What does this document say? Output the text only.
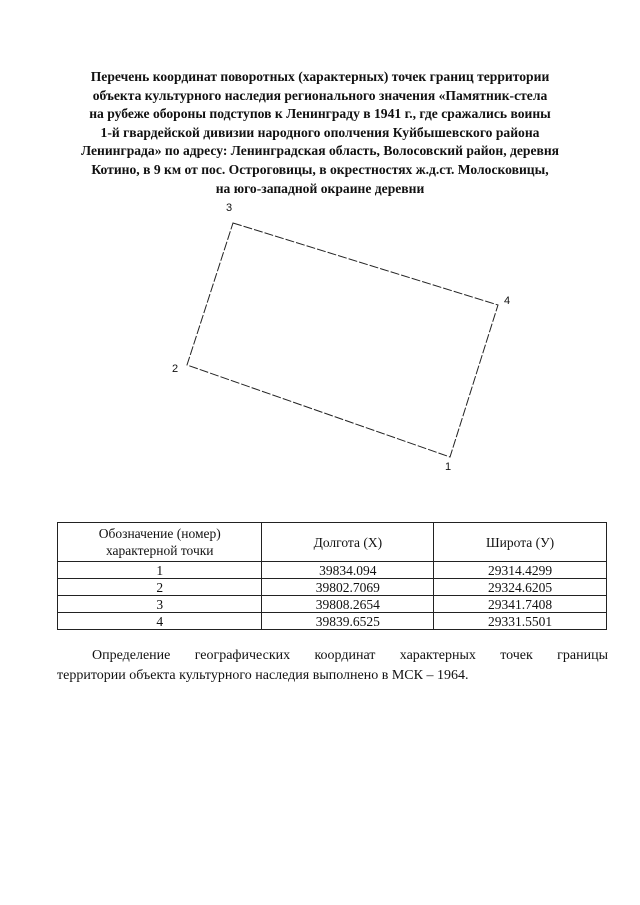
Перечень координат поворотных (характерных) точек границ территории
объекта культурного наследия регионального значения «Памятник-стела
на рубеже обороны подступов к Ленинграду в 1941 г., где сражались воины
1-й гвардейской дивизии народного ополчения Куйбышевского района
Ленинграда» по адресу: Ленинградская область, Волосовский район, деревня
Котино, в 9 км от пос. Остроговицы, в окрестностях ж.д.ст. Молосковицы,
на юго-западной окраине деревни
1
2
3
4
Обозначение (номер)
характерной точки	Долгота (X)	Широта (У)
1	39834.094	29314.4299
2	39802.7069	29324.6205
3	39808.2654	29341.7408
4	39839.6525	29331.5501
Определение географических координат характерных точек границы
территории объекта культурного наследия выполнено в МСК – 1964.
